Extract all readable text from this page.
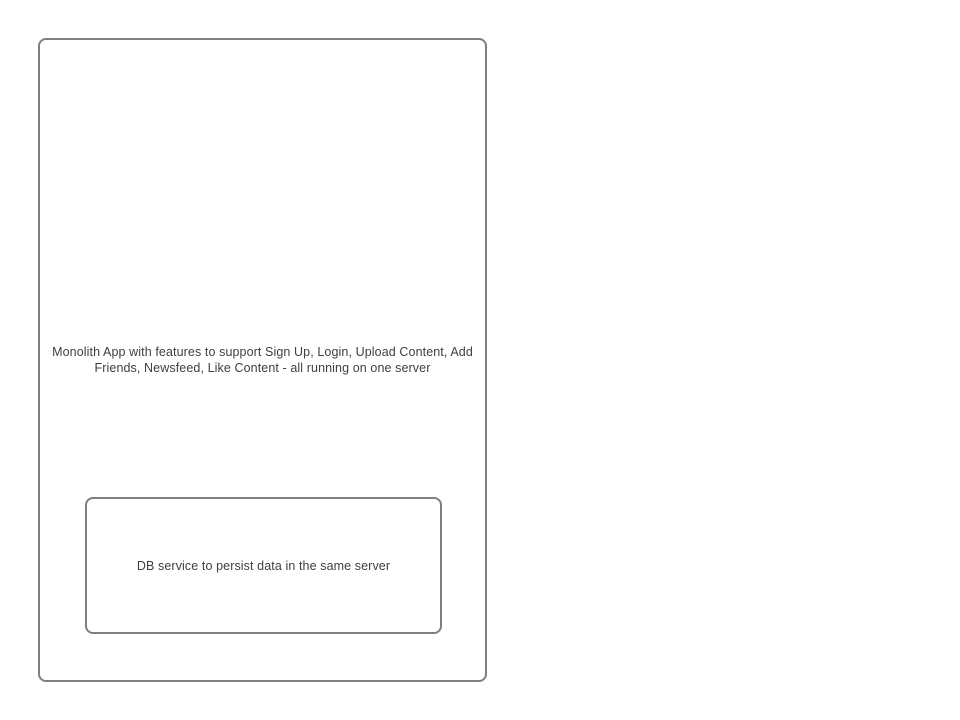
Monolith App with features to support Sign Up, Login, Upload Content, Add
Friends, Newsfeed, Like Content - all running on one server
DB service to persist data in the same server
